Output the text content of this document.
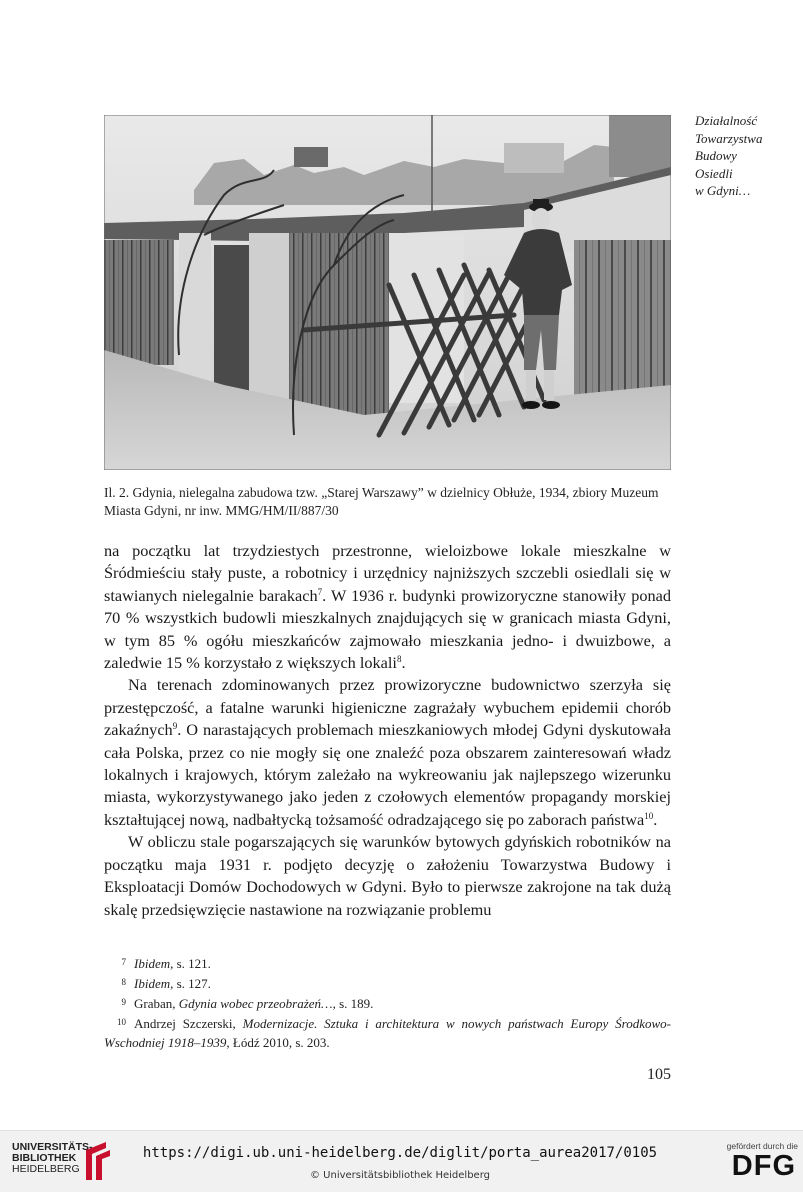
Działalność
Towarzystwa
Budowy
Osiedli
w Gdyni…
Il. 2. Gdynia, nielegalna zabudowa tzw. „Starej Warszawy” w dzielnicy Obłuże, 1934, zbiory Muzeum Miasta Gdyni, nr inw. MMG/HM/II/887/30

na początku lat trzydziestych przestronne, wieloizbowe lokale mieszkalne w Śródmieściu stały puste, a robotnicy i urzędnicy najniższych szczebli osiedlali się w stawianych nielegalnie barakach$^7$. W 1936 r. budynki prowizoryczne stanowiły ponad 70 % wszystkich budowli mieszkalnych znajdujących się w granicach miasta Gdyni, w tym 85 % ogółu mieszkańców zajmowało mieszkania jedno- i dwuizbowe, a zaledwie 15 % korzystało z większych lokali$^8$.

Na terenach zdominowanych przez prowizoryczne budownictwo szerzyła się przestępczość, a fatalne warunki higieniczne zagrażały wybuchem epidemii chorób zakaźnych$^9$. O narastających problemach mieszkaniowych młodej Gdyni dyskutowała cała Polska, przez co nie mogły się one znaleźć poza obszarem zainteresowań władz lokalnych i krajowych, którym zależało na wykreowaniu jak najlepszego wizerunku miasta, wykorzystywanego jako jeden z czołowych elementów propagandy morskiej kształtującej nową, nadbałtycką tożsamość odradzającego się po zaborach państwa$^{10}$.

W obliczu stale pogarszających się warunków bytowych gdyńskich robotników na początku maja 1931 r. podjęto decyzję o założeniu Towarzystwa Budowy i Eksploatacji Domów Dochodowych w Gdyni. Było to pierwsze zakrojone na tak dużą skalę przedsięwzięcie nastawione na rozwiązanie problemu

7 Ibidem, s. 121.

8 Ibidem, s. 127.

9 Graban, Gdynia wobec przeobrażeń…, s. 189.

10 Andrzej Szczerski, Modernizacje. Sztuka i architektura w nowych państwach Europy Środkowo-Wschodniej 1918–1939, Łódź 2010, s. 203.

105
UNIVERSITÄTS-
BIBLIOTHEK
HEIDELBERG
https://digi.ub.uni-heidelberg.de/diglit/porta_aurea2017/0105
© Universitätsbibliothek Heidelberg
gefördert durch die
DFG
